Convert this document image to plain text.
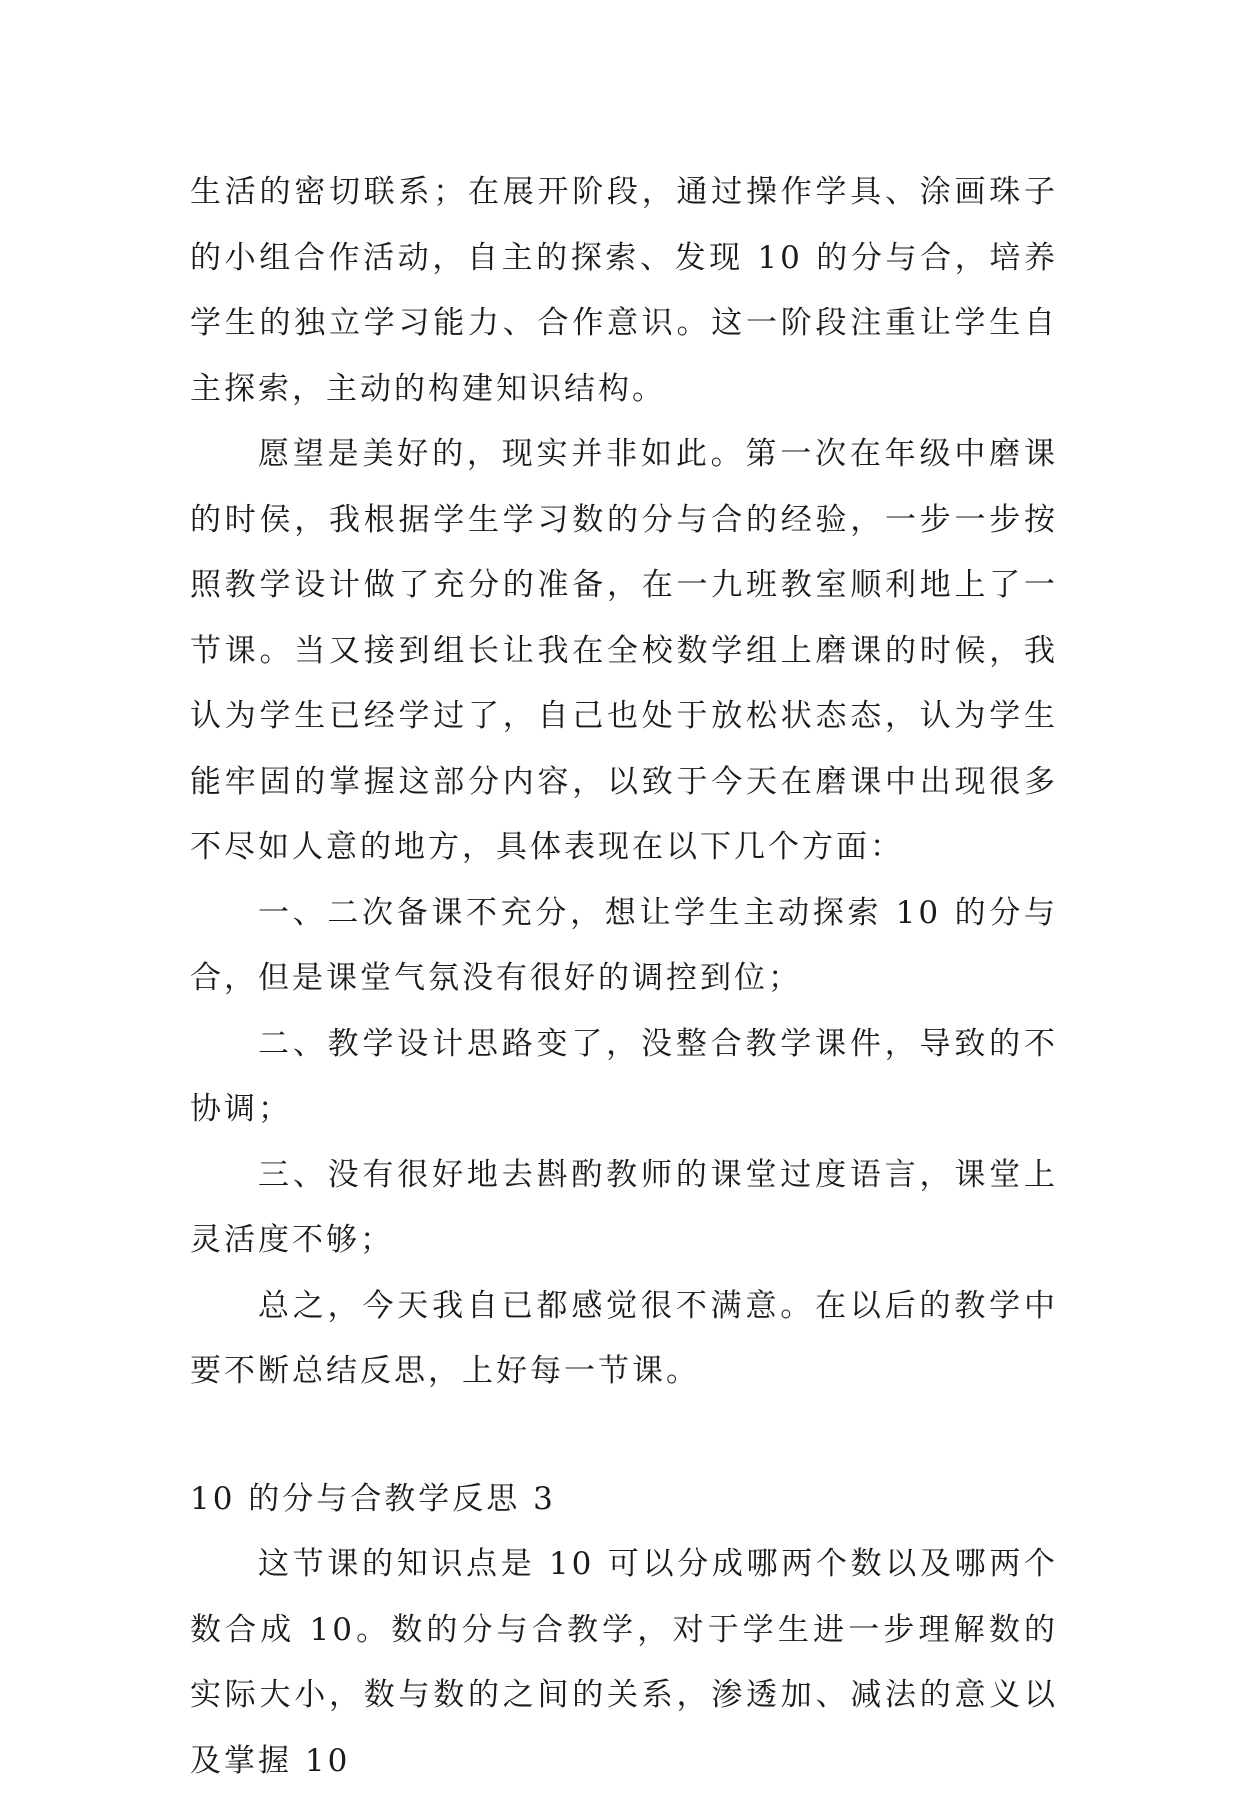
生活的密切联系；在展开阶段，通过操作学具、涂画珠子的小组合作活动，自主的探索、发现 10 的分与合，培养学生的独立学习能力、合作意识。这一阶段注重让学生自主探索，主动的构建知识结构。

愿望是美好的，现实并非如此。第一次在年级中磨课的时侯，我根据学生学习数的分与合的经验，一步一步按照教学设计做了充分的准备，在一九班教室顺利地上了一节课。当又接到组长让我在全校数学组上磨课的时候，我认为学生已经学过了，自己也处于放松状态态，认为学生能牢固的掌握这部分内容，以致于今天在磨课中出现很多不尽如人意的地方，具体表现在以下几个方面：

一、二次备课不充分，想让学生主动探索 10 的分与合，但是课堂气氛没有很好的调控到位；

二、教学设计思路变了，没整合教学课件，导致的不协调；

三、没有很好地去斟酌教师的课堂过度语言，课堂上灵活度不够；

总之，今天我自已都感觉很不满意。在以后的教学中要不断总结反思，上好每一节课。

10 的分与合教学反思 3

这节课的知识点是 10 可以分成哪两个数以及哪两个数合成 10。数的分与合教学，对于学生进一步理解数的实际大小，数与数的之间的关系，渗透加、减法的意义以及掌握 10
